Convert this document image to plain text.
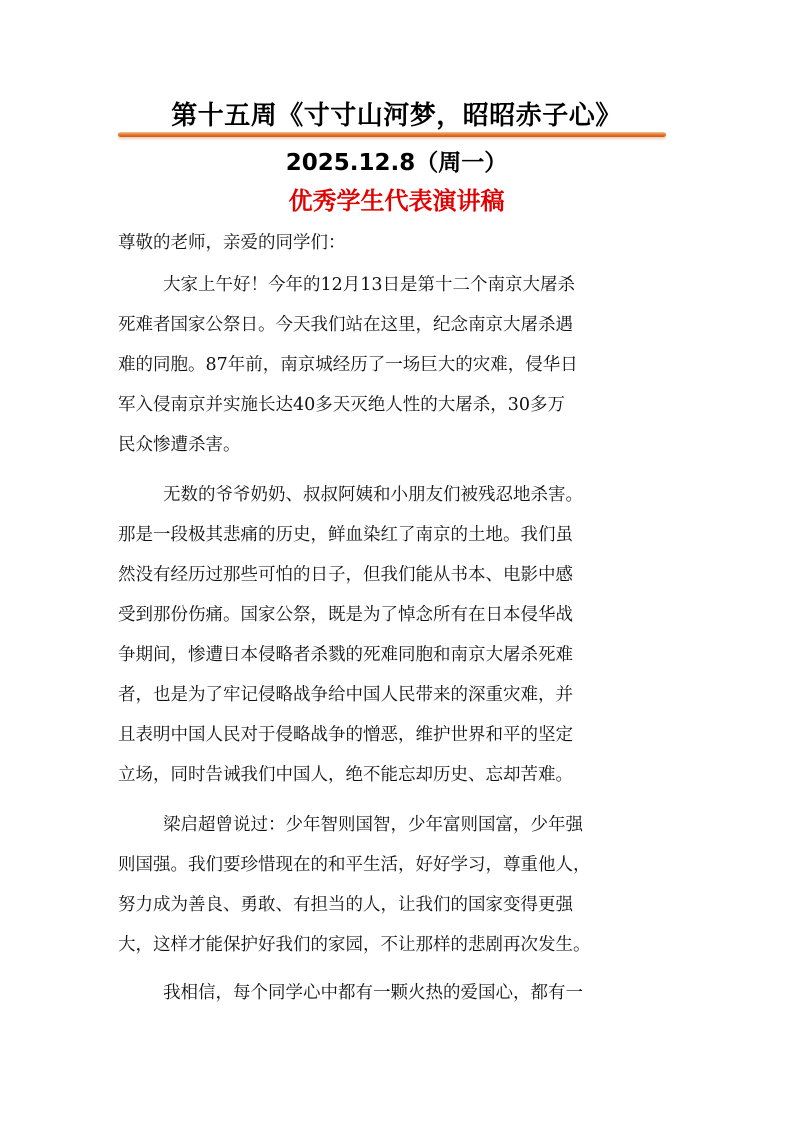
第十五周《寸寸山河梦，昭昭赤子心》
2025.12.8（周一）
优秀学生代表演讲稿
尊敬的老师，亲爱的同学们：
大家上午好！今年的12月13日是第十二个南京大屠杀
死难者国家公祭日。今天我们站在这里，纪念南京大屠杀遇
难的同胞。87年前，南京城经历了一场巨大的灾难，侵华日
军入侵南京并实施长达40多天灭绝人性的大屠杀，30多万
民众惨遭杀害。
无数的爷爷奶奶、叔叔阿姨和小朋友们被残忍地杀害。
那是一段极其悲痛的历史，鲜血染红了南京的土地。我们虽
然没有经历过那些可怕的日子，但我们能从书本、电影中感
受到那份伤痛。国家公祭，既是为了悼念所有在日本侵华战
争期间，惨遭日本侵略者杀戮的死难同胞和南京大屠杀死难
者，也是为了牢记侵略战争给中国人民带来的深重灾难，并
且表明中国人民对于侵略战争的憎恶，维护世界和平的坚定
立场，同时告诫我们中国人，绝不能忘却历史、忘却苦难。
梁启超曾说过：少年智则国智，少年富则国富，少年强
则国强。我们要珍惜现在的和平生活，好好学习，尊重他人，
努力成为善良、勇敢、有担当的人，让我们的国家变得更强
大，这样才能保护好我们的家园，不让那样的悲剧再次发生。
我相信，每个同学心中都有一颗火热的爱国心，都有一
